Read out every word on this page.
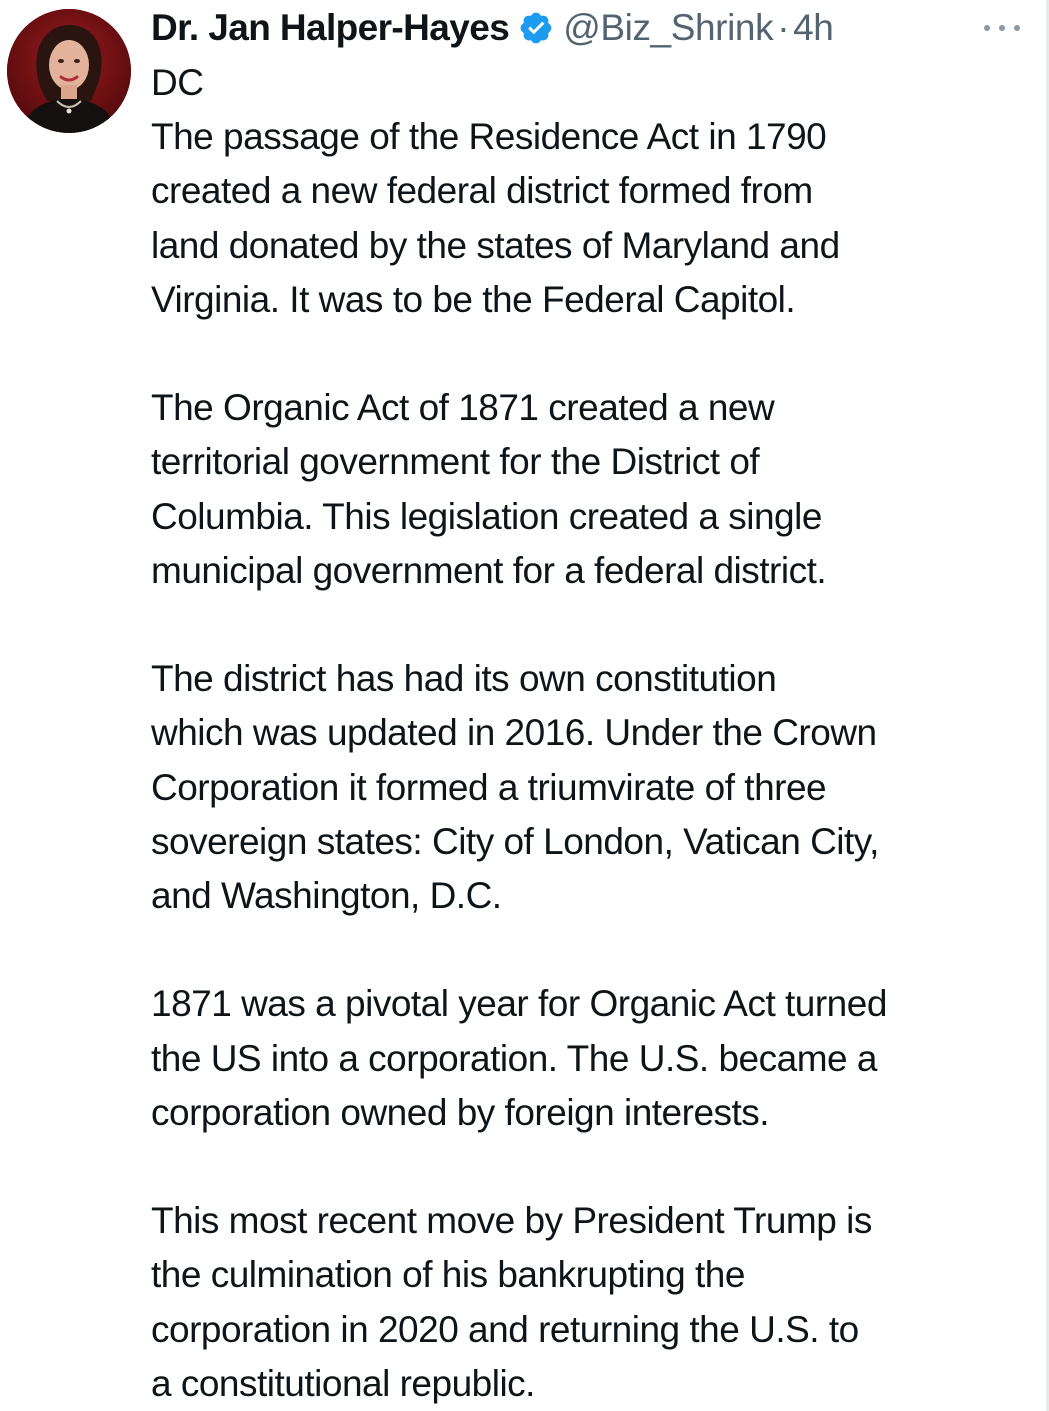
Dr. Jan Halper-Hayes @Biz_Shrink · 4h

DC
The passage of the Residence Act in 1790
created a new federal district formed from
land donated by the states of Maryland and
Virginia. It was to be the Federal Capitol.

The Organic Act of 1871 created a new
territorial government for the District of
Columbia. This legislation created a single
municipal government for a federal district.

The district has had its own constitution
which was updated in 2016. Under the Crown
Corporation it formed a triumvirate of three
sovereign states: City of London, Vatican City,
and Washington, D.C.

1871 was a pivotal year for Organic Act turned
the US into a corporation. The U.S. became a
corporation owned by foreign interests.

This most recent move by President Trump is
the culmination of his bankrupting the
corporation in 2020 and returning the U.S. to
a constitutional republic.
